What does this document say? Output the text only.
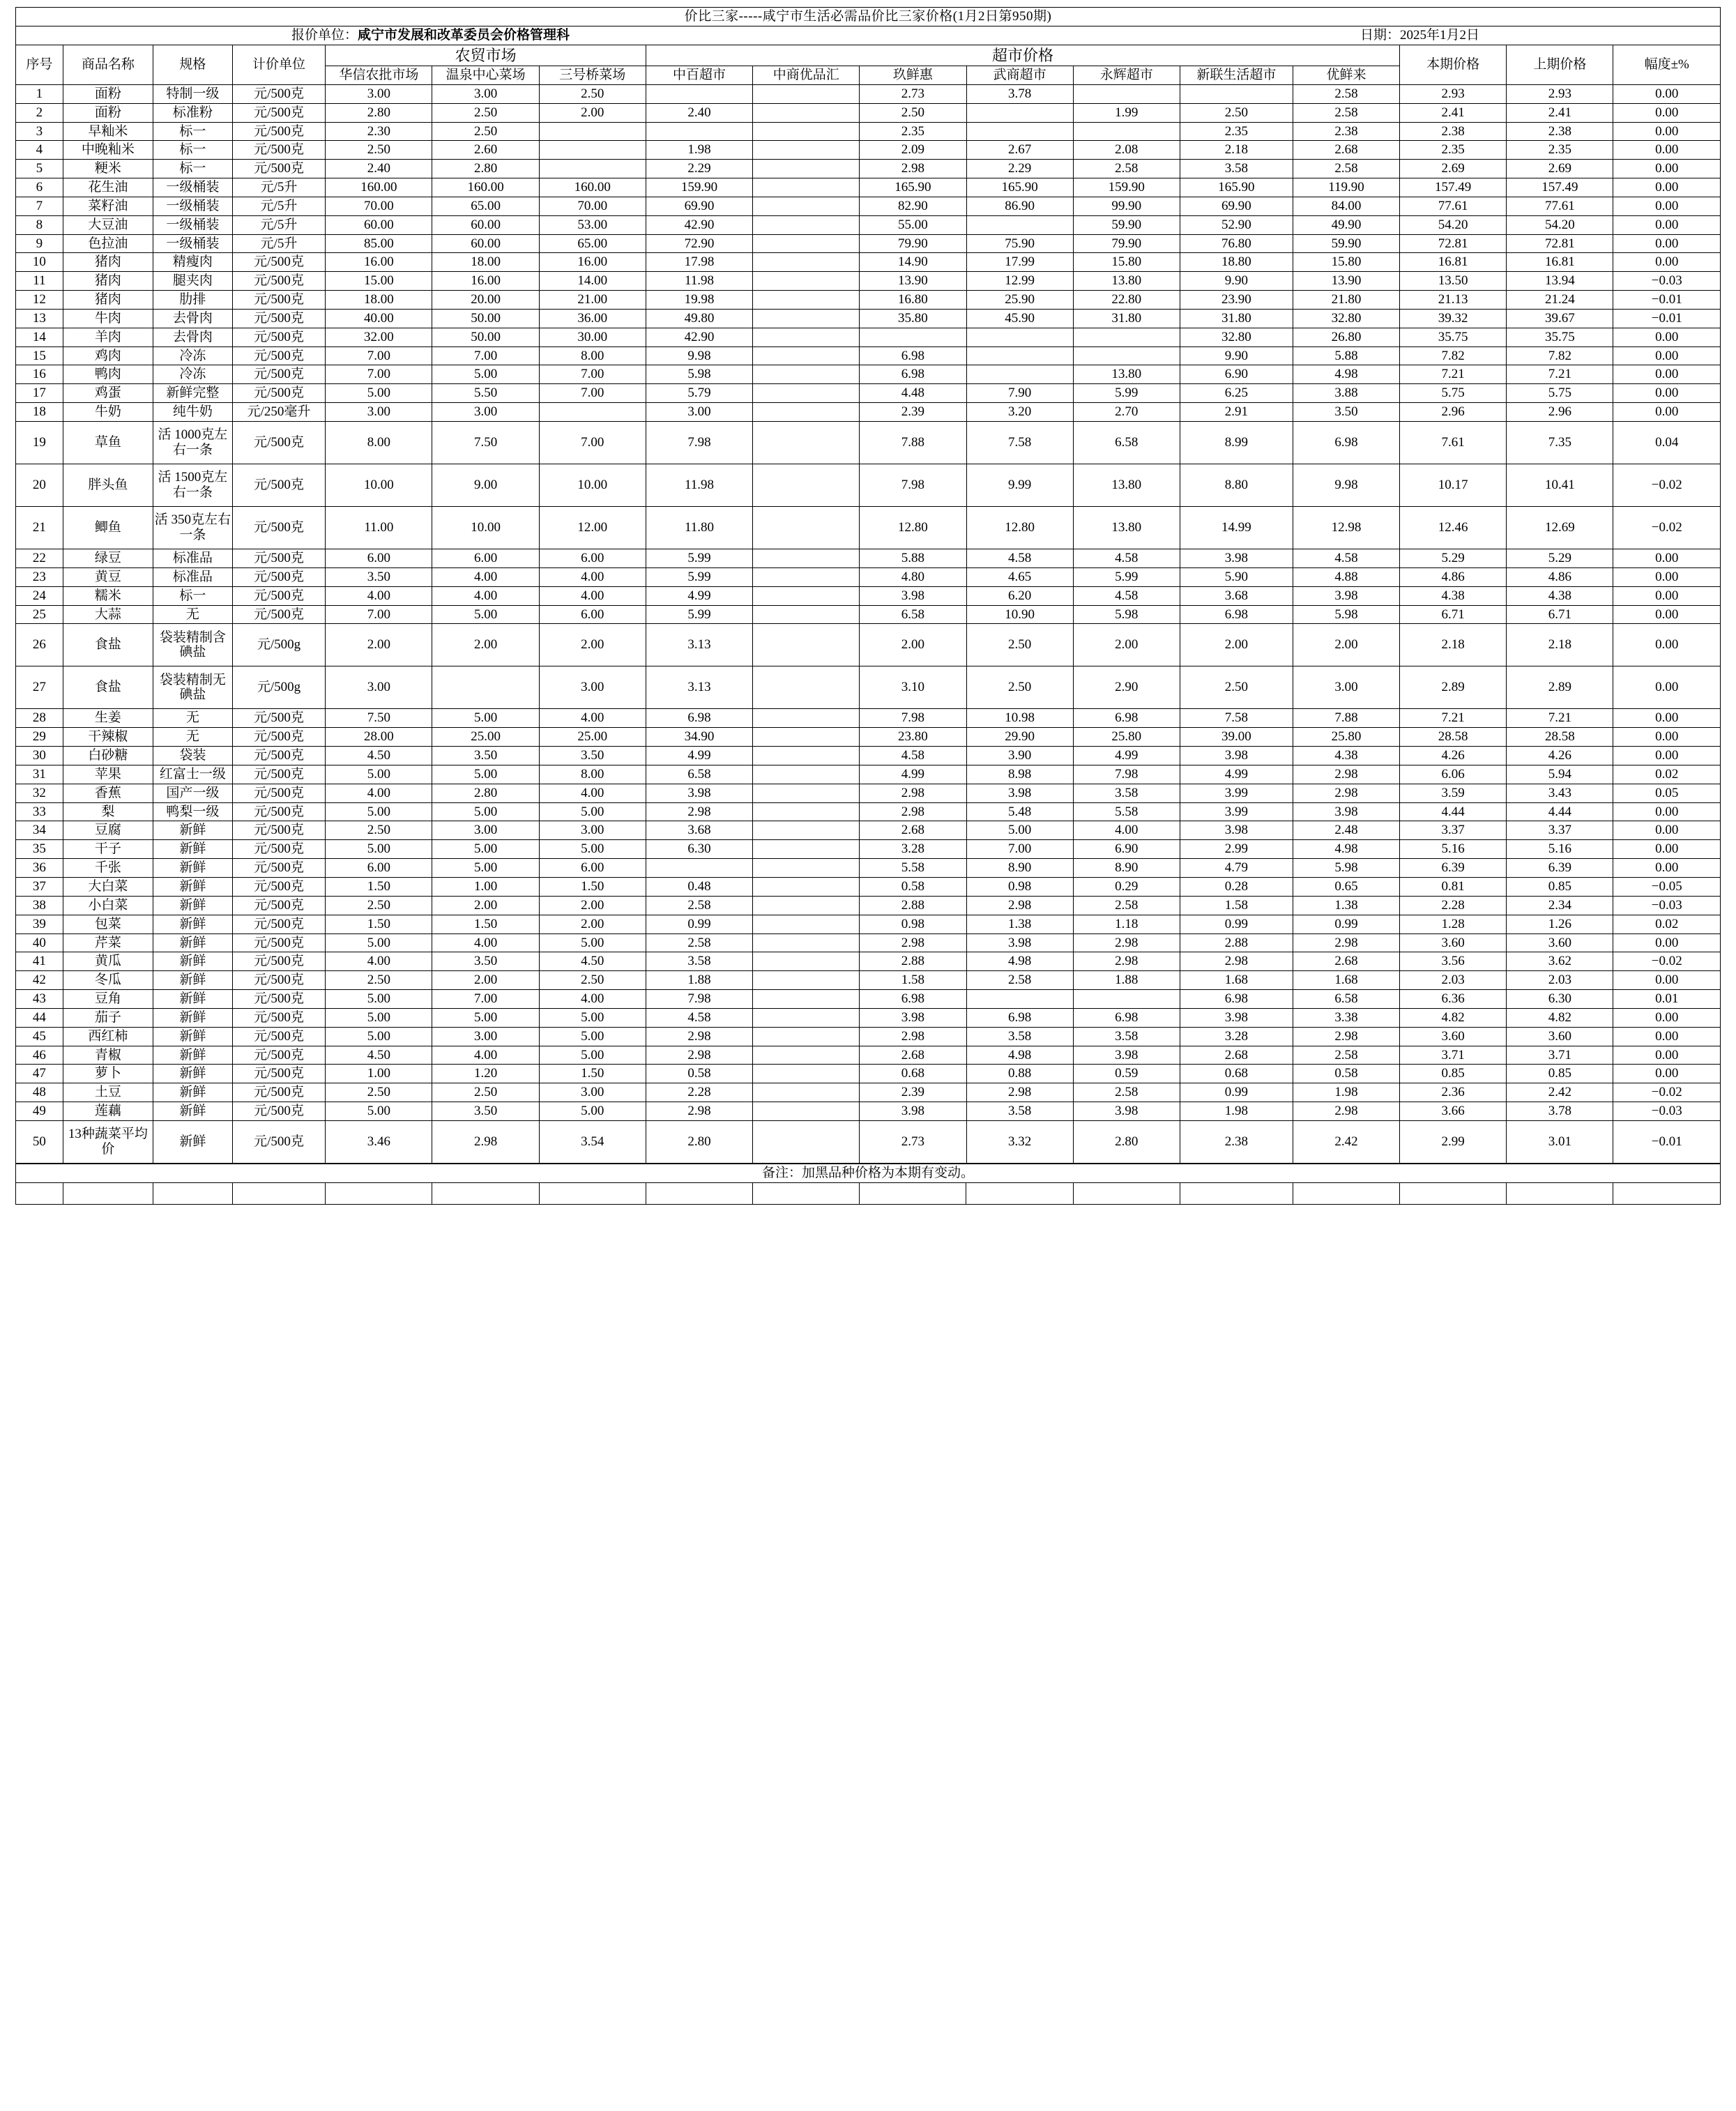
价比三家-----咸宁市生活必需品价比三家价格(1月2日第950期)																

报价单位：咸宁市发展和改革委员会价格管理科 日期：2025年1月2日																

序号	商品名称	规格	计价单位	农贸市场			超市价格							本期价格	上期价格	幅度±%
				华信农批市场	温泉中心菜场	三号桥菜场	中百超市	中商优品汇	玖鲜惠	武商超市	永辉超市	新联生活超市	优鲜来			
1	面粉	特制一级	元/500克	3.00	3.00	2.50			2.73	3.78			2.58	2.93	2.93	0.00
2	面粉	标准粉	元/500克	2.80	2.50	2.00	2.40		2.50		1.99	2.50	2.58	2.41	2.41	0.00
3	早籼米	标一	元/500克	2.30	2.50				2.35			2.35	2.38	2.38	2.38	0.00
4	中晚籼米	标一	元/500克	2.50	2.60		1.98		2.09	2.67	2.08	2.18	2.68	2.35	2.35	0.00
5	粳米	标一	元/500克	2.40	2.80		2.29		2.98	2.29	2.58	3.58	2.58	2.69	2.69	0.00
6	花生油	一级桶装	元/5升	160.00	160.00	160.00	159.90		165.90	165.90	159.90	165.90	119.90	157.49	157.49	0.00
7	菜籽油	一级桶装	元/5升	70.00	65.00	70.00	69.90		82.90	86.90	99.90	69.90	84.00	77.61	77.61	0.00
8	大豆油	一级桶装	元/5升	60.00	60.00	53.00	42.90		55.00		59.90	52.90	49.90	54.20	54.20	0.00
9	色拉油	一级桶装	元/5升	85.00	60.00	65.00	72.90		79.90	75.90	79.90	76.80	59.90	72.81	72.81	0.00
10	猪肉	精瘦肉	元/500克	16.00	18.00	16.00	17.98		14.90	17.99	15.80	18.80	15.80	16.81	16.81	0.00
11	猪肉	腿夹肉	元/500克	15.00	16.00	14.00	11.98		13.90	12.99	13.80	9.90	13.90	13.50	13.94	−0.03
12	猪肉	肋排	元/500克	18.00	20.00	21.00	19.98		16.80	25.90	22.80	23.90	21.80	21.13	21.24	−0.01
13	牛肉	去骨肉	元/500克	40.00	50.00	36.00	49.80		35.80	45.90	31.80	31.80	32.80	39.32	39.67	−0.01
14	羊肉	去骨肉	元/500克	32.00	50.00	30.00	42.90					32.80	26.80	35.75	35.75	0.00
15	鸡肉	冷冻	元/500克	7.00	7.00	8.00	9.98		6.98			9.90	5.88	7.82	7.82	0.00
16	鸭肉	冷冻	元/500克	7.00	5.00	7.00	5.98		6.98		13.80	6.90	4.98	7.21	7.21	0.00
17	鸡蛋	新鲜完整	元/500克	5.00	5.50	7.00	5.79		4.48	7.90	5.99	6.25	3.88	5.75	5.75	0.00
18	牛奶	纯牛奶	元/250毫升	3.00	3.00		3.00		2.39	3.20	2.70	2.91	3.50	2.96	2.96	0.00
19	草鱼	活 1000克左右一条	元/500克	8.00	7.50	7.00	7.98		7.88	7.58	6.58	8.99	6.98	7.61	7.35	0.04
20	胖头鱼	活 1500克左右一条	元/500克	10.00	9.00	10.00	11.98		7.98	9.99	13.80	8.80	9.98	10.17	10.41	−0.02
21	鲫鱼	活 350克左右一条	元/500克	11.00	10.00	12.00	11.80		12.80	12.80	13.80	14.99	12.98	12.46	12.69	−0.02
22	绿豆	标准品	元/500克	6.00	6.00	6.00	5.99		5.88	4.58	4.58	3.98	4.58	5.29	5.29	0.00
23	黄豆	标准品	元/500克	3.50	4.00	4.00	5.99		4.80	4.65	5.99	5.90	4.88	4.86	4.86	0.00
24	糯米	标一	元/500克	4.00	4.00	4.00	4.99		3.98	6.20	4.58	3.68	3.98	4.38	4.38	0.00
25	大蒜	无	元/500克	7.00	5.00	6.00	5.99		6.58	10.90	5.98	6.98	5.98	6.71	6.71	0.00
26	食盐	袋装精制含碘盐	元/500g	2.00	2.00	2.00	3.13		2.00	2.50	2.00	2.00	2.00	2.18	2.18	0.00
27	食盐	袋装精制无碘盐	元/500g	3.00		3.00	3.13		3.10	2.50	2.90	2.50	3.00	2.89	2.89	0.00
28	生姜	无	元/500克	7.50	5.00	4.00	6.98		7.98	10.98	6.98	7.58	7.88	7.21	7.21	0.00
29	干辣椒	无	元/500克	28.00	25.00	25.00	34.90		23.80	29.90	25.80	39.00	25.80	28.58	28.58	0.00
30	白砂糖	袋装	元/500克	4.50	3.50	3.50	4.99		4.58	3.90	4.99	3.98	4.38	4.26	4.26	0.00
31	苹果	红富士一级	元/500克	5.00	5.00	8.00	6.58		4.99	8.98	7.98	4.99	2.98	6.06	5.94	0.02
32	香蕉	国产一级	元/500克	4.00	2.80	4.00	3.98		2.98	3.98	3.58	3.99	2.98	3.59	3.43	0.05
33	梨	鸭梨一级	元/500克	5.00	5.00	5.00	2.98		2.98	5.48	5.58	3.99	3.98	4.44	4.44	0.00
34	豆腐	新鲜	元/500克	2.50	3.00	3.00	3.68		2.68	5.00	4.00	3.98	2.48	3.37	3.37	0.00
35	干子	新鲜	元/500克	5.00	5.00	5.00	6.30		3.28	7.00	6.90	2.99	4.98	5.16	5.16	0.00
36	千张	新鲜	元/500克	6.00	5.00	6.00			5.58	8.90	8.90	4.79	5.98	6.39	6.39	0.00
37	大白菜	新鲜	元/500克	1.50	1.00	1.50	0.48		0.58	0.98	0.29	0.28	0.65	0.81	0.85	−0.05
38	小白菜	新鲜	元/500克	2.50	2.00	2.00	2.58		2.88	2.98	2.58	1.58	1.38	2.28	2.34	−0.03
39	包菜	新鲜	元/500克	1.50	1.50	2.00	0.99		0.98	1.38	1.18	0.99	0.99	1.28	1.26	0.02
40	芹菜	新鲜	元/500克	5.00	4.00	5.00	2.58		2.98	3.98	2.98	2.88	2.98	3.60	3.60	0.00
41	黄瓜	新鲜	元/500克	4.00	3.50	4.50	3.58		2.88	4.98	2.98	2.98	2.68	3.56	3.62	−0.02
42	冬瓜	新鲜	元/500克	2.50	2.00	2.50	1.88		1.58	2.58	1.88	1.68	1.68	2.03	2.03	0.00
43	豆角	新鲜	元/500克	5.00	7.00	4.00	7.98		6.98			6.98	6.58	6.36	6.30	0.01
44	茄子	新鲜	元/500克	5.00	5.00	5.00	4.58		3.98	6.98	6.98	3.98	3.38	4.82	4.82	0.00
45	西红柿	新鲜	元/500克	5.00	3.00	5.00	2.98		2.98	3.58	3.58	3.28	2.98	3.60	3.60	0.00
46	青椒	新鲜	元/500克	4.50	4.00	5.00	2.98		2.68	4.98	3.98	2.68	2.58	3.71	3.71	0.00
47	萝卜	新鲜	元/500克	1.00	1.20	1.50	0.58		0.68	0.88	0.59	0.68	0.58	0.85	0.85	0.00
48	土豆	新鲜	元/500克	2.50	2.50	3.00	2.28		2.39	2.98	2.58	0.99	1.98	2.36	2.42	−0.02
49	莲藕	新鲜	元/500克	5.00	3.50	5.00	2.98		3.98	3.58	3.98	1.98	2.98	3.66	3.78	−0.03
50	13种蔬菜平均价	新鲜	元/500克	3.46	2.98	3.54	2.80		2.73	3.32	2.80	2.38	2.42	2.99	3.01	−0.01
备注：加黑品种价格为本期有变动。
